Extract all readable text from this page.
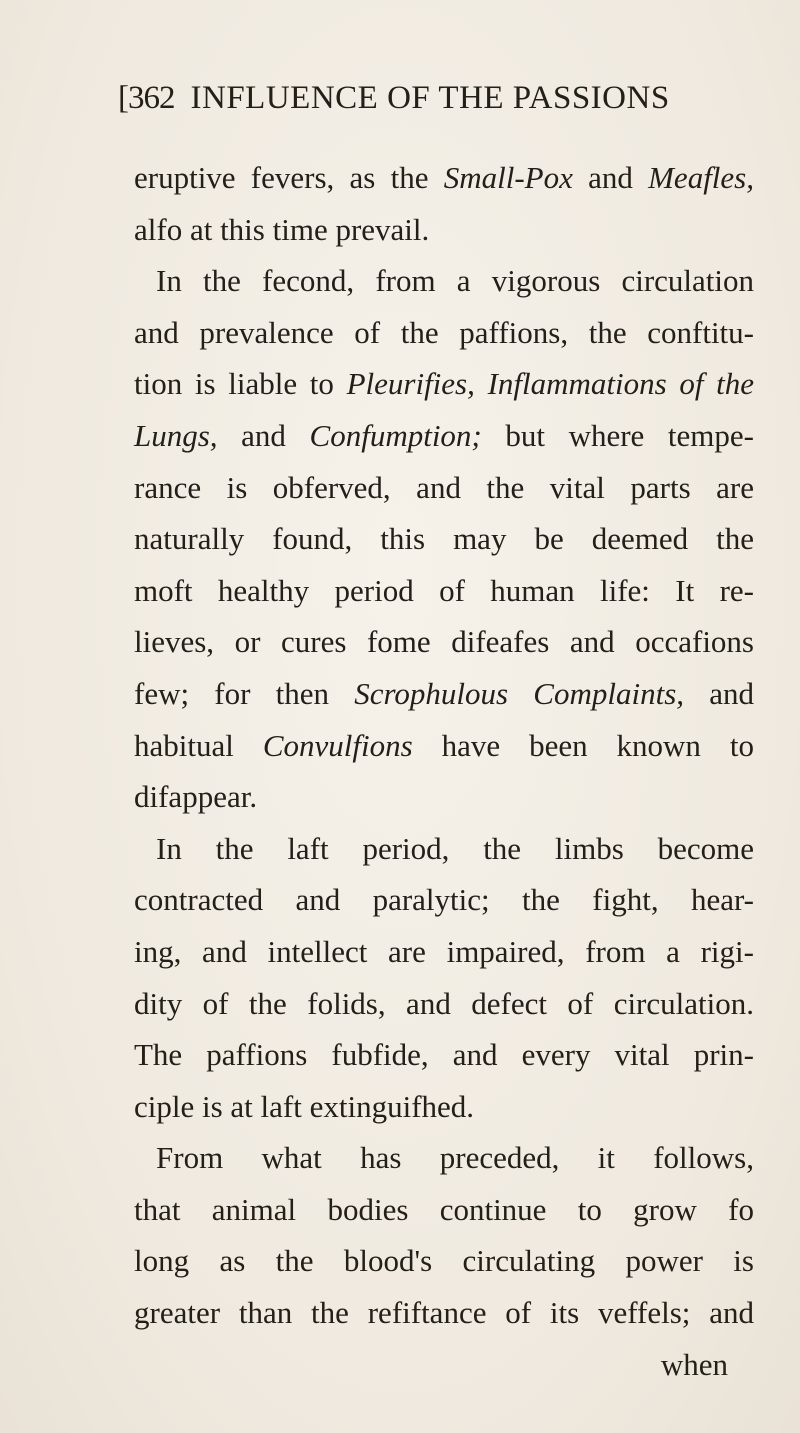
[362 INFLUENCE OF THE PASSIONS
eruptive fevers, as the Small-Pox and Meafles,
alfo at this time prevail.
In the fecond, from a vigorous circulation
and prevalence of the paffions, the conftitu-
tion is liable to Pleurifies, Inflammations of the
Lungs, and Confumption; but where tempe-
rance is obferved, and the vital parts are
naturally found, this may be deemed the
moft healthy period of human life: It re-
lieves, or cures fome difeafes and occafions
few; for then Scrophulous Complaints, and
habitual Convulfions have been known to
difappear.
In the laft period, the limbs become
contracted and paralytic; the fight, hear-
ing, and intellect are impaired, from a rigi-
dity of the folids, and defect of circulation.
The paffions fubfide, and every vital prin-
ciple is at laft extinguifhed.
From what has preceded, it follows,
that animal bodies continue to grow fo
long as the blood's circulating power is
greater than the refiftance of its veffels; and
when
